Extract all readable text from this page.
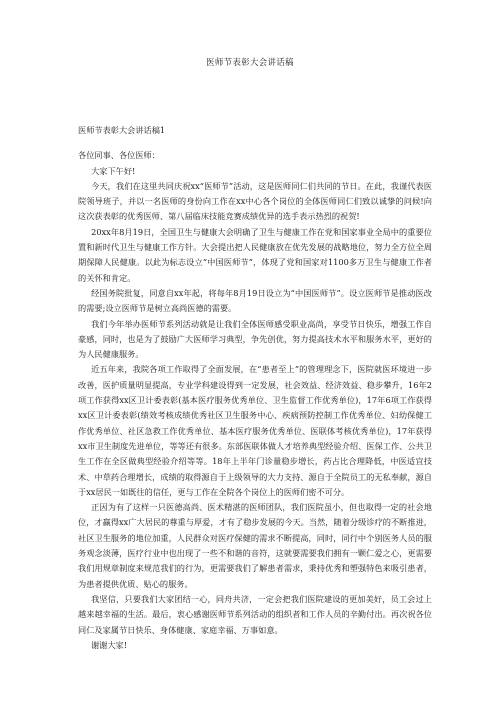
医师节表彰大会讲话稿
医师节表彰大会讲话稿1

各位同事、各位医师：

大家下午好!

今天，我们在这里共同庆祝xx“医师节”活动，这是医师同仁们共同的节日。在此，我谨代表医院领导班子，并以一名医师的身份向工作在xx中心各个岗位的全体医师同仁们致以诚挚的问候!向这次获表彰的优秀医师、第八届临床技能竞赛成绩优异的选手表示热烈的祝贺!

20xx年8月19日，全国卫生与健康大会明确了卫生与健康工作在党和国家事业全局中的重要位置和新时代卫生与健康工作方针。大会提出把人民健康放在优先发展的战略地位，努力全方位全周期保障人民健康。以此为标志设立“中国医师节”，体现了党和国家对1100多万卫生与健康工作者的关怀和肯定。

经国务院批复，同意自xx年起，将每年8月19日设立为“中国医师节”。设立医师节是推动医改的需要;设立医师节是树立高尚医德的需要。

我们今年举办医师节系列活动就是让我们全体医师感受职业高尚，享受节日快乐，增强工作自豪感，同时，也是为了鼓励广大医师学习典型，争先创优，努力提高技术水平和服务水平，更好的为人民健康服务。

近五年来，我院各项工作取得了全面发展，在“患者至上”的管理理念下，医院就医环境进一步改善，医护质量明显提高，专业学科建设得到一定发展，社会效益、经济效益、稳步攀升，16年2项工作获得xx区卫计委表彰(基本医疗服务优秀单位、卫生监督工作优秀单位)，17年6项工作获得xx区卫计委表彰(绩效考核成绩优秀社区卫生服务中心、疾病预防控制工作优秀单位、妇幼保健工作优秀单位、社区急救工作优秀单位、基本医疗服务优秀单位、医联体考核优秀单位)，17年获得xx市卫生制度先进单位，等等还有很多。东部医联体做人才培养典型经验介绍、医保工作、公共卫生工作在全区做典型经验介绍等等。18年上半年门诊量稳步增长，药占比合理降低，中医适宜技术、中草药合理增长，成绩的取得源自于上级领导的大力支持、源自于全院员工的无私奉献，源自于xx居民一如既往的信任，更与工作在全院各个岗位上的医师们密不可分。

正因为有了这样一只医德高尚、医术精湛的医师团队，我们医院虽小，但也取得一定的社会地位，才赢得xx广大居民的尊重与厚爱，才有了稳步发展的今天。当然，随着分级诊疗的不断推进，社区卫生服务的地位加重，人民群众对医疗保健的需求不断提高，同时，同行中个别医务人员的服务观念淡薄，医疗行业中也出现了一些不和谐的音符，这就要需要我们拥有一颗仁爱之心，更需要我们用规章制度来规范我们的行为，更需要我们了解患者需求，秉持优秀和塑强特色来吸引患者，为患者提供优质、贴心的服务。

我坚信，只要我们大家团结一心，同舟共济，一定会把我们医院建设的更加美好，员工会过上越来越幸福的生活。最后，衷心感谢医师节系列活动的组织者和工作人员的辛勤付出。再次祝各位同仁及家属节日快乐、身体健康、家庭幸福、万事如意。

谢谢大家!
